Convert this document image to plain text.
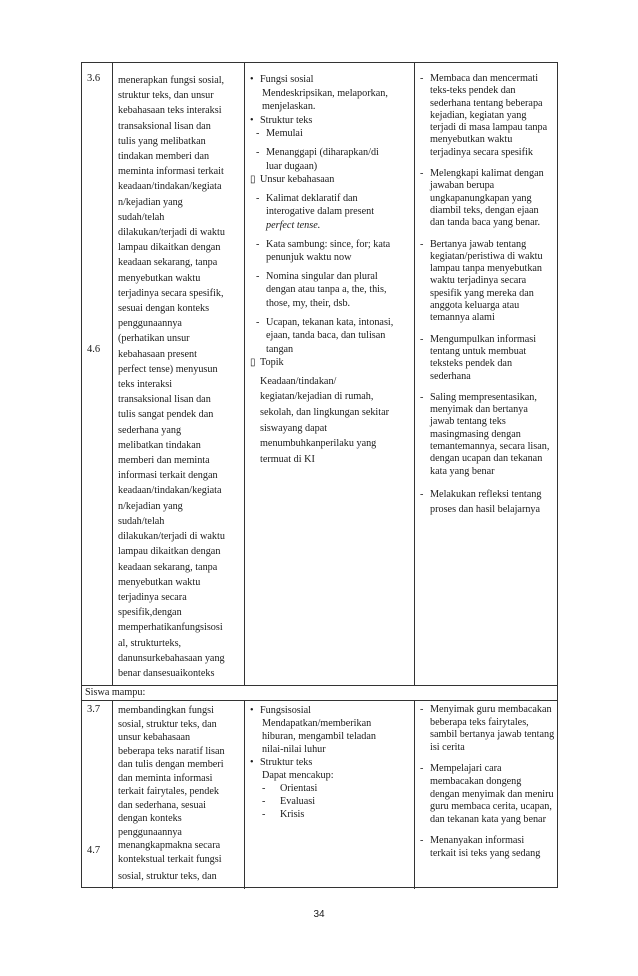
3.6
4.6

menerapkan fungsi sosial,

struktur teks, dan unsur

kebahasaan teks interaksi

transaksional lisan dan

tulis yang melibatkan

tindakan memberi dan

meminta informasi terkait

keadaan/tindakan/kegiata

n/kejadian yang

sudah/telah

dilakukan/terjadi di waktu

lampau dikaitkan dengan

keadaan sekarang, tanpa

menyebutkan waktu

terjadinya secara spesifik,

sesuai dengan konteks

penggunaannya

(perhatikan unsur

kebahasaan present

perfect tense) menyusun

teks interaksi

transaksional lisan dan

tulis sangat pendek dan

sederhana yang

melibatkan tindakan

memberi dan meminta

informasi terkait dengan

keadaan/tindakan/kegiata

n/kejadian yang

sudah/telah

dilakukan/terjadi di waktu

lampau dikaitkan dengan

keadaan sekarang, tanpa

menyebutkan waktu

terjadinya secara

spesifik,dengan

memperhatikanfungsisosi

al, strukturteks,

danunsurkebahasaan yang

benar dansesuaikonteks

• Fungsi sosial

Mendeskripsikan, melaporkan,

menjelaskan.

• Struktur teks

- Memulai

- Menanggapi (diharapkan/di

luar dugaan)

▯ Unsur kebahasaan

- Kalimat deklaratif dan

interogative dalam present

perfect tense.

- Kata sambung: since, for; kata

penunjuk waktu now

- Nomina singular dan plural

dengan atau tanpa a, the, this,

those, my, their, dsb.

- Ucapan, tekanan kata, intonasi,

ejaan, tanda baca, dan tulisan

tangan

▯ Topik

Keadaan/tindakan/

kegiatan/kejadian di rumah,

sekolah, dan lingkungan sekitar

siswayang dapat

menumbuhkanperilaku yang

termuat di KI

- Membaca dan mencermati

teks-teks pendek dan

sederhana tentang beberapa

kejadian, kegiatan yang

terjadi di masa lampau tanpa

menyebutkan waktu

terjadinya secara spesifik

- Melengkapi kalimat dengan

jawaban berupa

ungkapanungkapan yang

diambil teks, dengan ejaan

dan tanda baca yang benar.

- Bertanya jawab tentang

kegiatan/peristiwa di waktu

lampau tanpa menyebutkan

waktu terjadinya secara

spesifik yang mereka dan

anggota keluarga atau

temannya alami

- Mengumpulkan informasi

tentang untuk membuat

teksteks pendek dan

sederhana

- Saling mempresentasikan,

menyimak dan bertanya

jawab tentang teks

masingmasing dengan

temantemannya, secara lisan,

dengan ucapan dan tekanan

kata yang benar

- Melakukan refleksi tentang

proses dan hasil belajarnya

Siswa mampu:
3.7
4.7

membandingkan fungsi

sosial, struktur teks, dan

unsur kebahasaan

beberapa teks naratif lisan

dan tulis dengan memberi

dan meminta informasi

terkait fairytales, pendek

dan sederhana, sesuai

dengan konteks

penggunaannya

menangkapmakna secara

kontekstual terkait fungsi

sosial, struktur teks, dan

• Fungsisosial

Mendapatkan/memberikan

hiburan, mengambil teladan

nilai-nilai luhur

• Struktur teks

Dapat mencakup:

- Orientasi

- Evaluasi

- Krisis

- Menyimak guru membacakan

beberapa teks fairytales,

sambil bertanya jawab tentang

isi cerita

- Mempelajari cara

membacakan dongeng

dengan menyimak dan meniru

guru membaca cerita, ucapan,

dan tekanan kata yang benar

- Menanyakan informasi

terkait isi teks yang sedang

34
